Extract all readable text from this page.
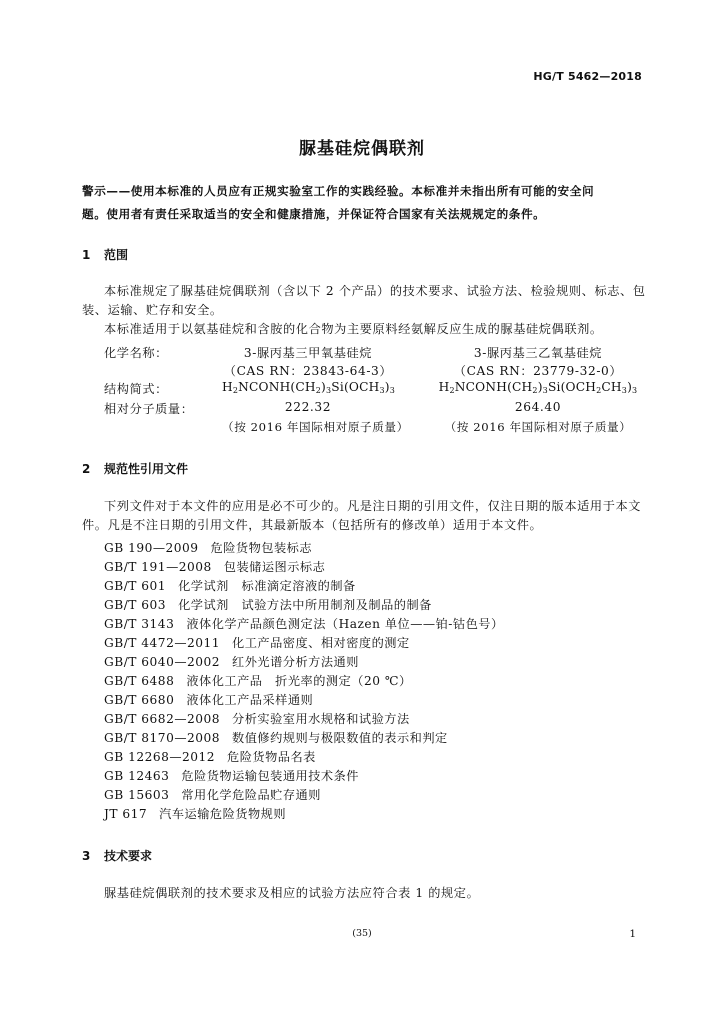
HG/T 5462—2018
脲基硅烷偶联剂
警示——使用本标准的人员应有正规实验室工作的实践经验。本标准并未指出所有可能的安全问
题。使用者有责任采取适当的安全和健康措施，并保证符合国家有关法规规定的条件。
1 范围
本标准规定了脲基硅烷偶联剂（含以下 2 个产品）的技术要求、试验方法、检验规则、标志、包
装、运输、贮存和安全。
本标准适用于以氨基硅烷和含胺的化合物为主要原料经氨解反应生成的脲基硅烷偶联剂。
化学名称：	3-脲丙基三甲氧基硅烷	3-脲丙基三乙氧基硅烷
（CAS RN：23843-64-3）	（CAS RN：23779-32-0）
结构简式：	$H_2NCONH(CH_2)_3Si(OCH_3)_3$	$H_2NCONH(CH_2)_3Si(OCH_2CH_3)_3$
相对分子质量：	222.32	264.40
（按 2016 年国际相对原子质量）	（按 2016 年国际相对原子质量）
2 规范性引用文件
下列文件对于本文件的应用是必不可少的。凡是注日期的引用文件，仅注日期的版本适用于本文
件。凡是不注日期的引用文件，其最新版本（包括所有的修改单）适用于本文件。
GB 190—2009 危险货物包装标志
GB/T 191—2008 包装储运图示标志
GB/T 601 化学试剂　标准滴定溶液的制备
GB/T 603 化学试剂　试验方法中所用制剂及制品的制备
GB/T 3143 液体化学产品颜色测定法（Hazen 单位——铂-钴色号）
GB/T 4472—2011 化工产品密度、相对密度的测定
GB/T 6040—2002 红外光谱分析方法通则
GB/T 6488 液体化工产品　折光率的测定（20 ℃）
GB/T 6680 液体化工产品采样通则
GB/T 6682—2008 分析实验室用水规格和试验方法
GB/T 8170—2008 数值修约规则与极限数值的表示和判定
GB 12268—2012 危险货物品名表
GB 12463 危险货物运输包装通用技术条件
GB 15603 常用化学危险品贮存通则
JT 617 汽车运输危险货物规则
3 技术要求
脲基硅烷偶联剂的技术要求及相应的试验方法应符合表 1 的规定。
(35)	1
